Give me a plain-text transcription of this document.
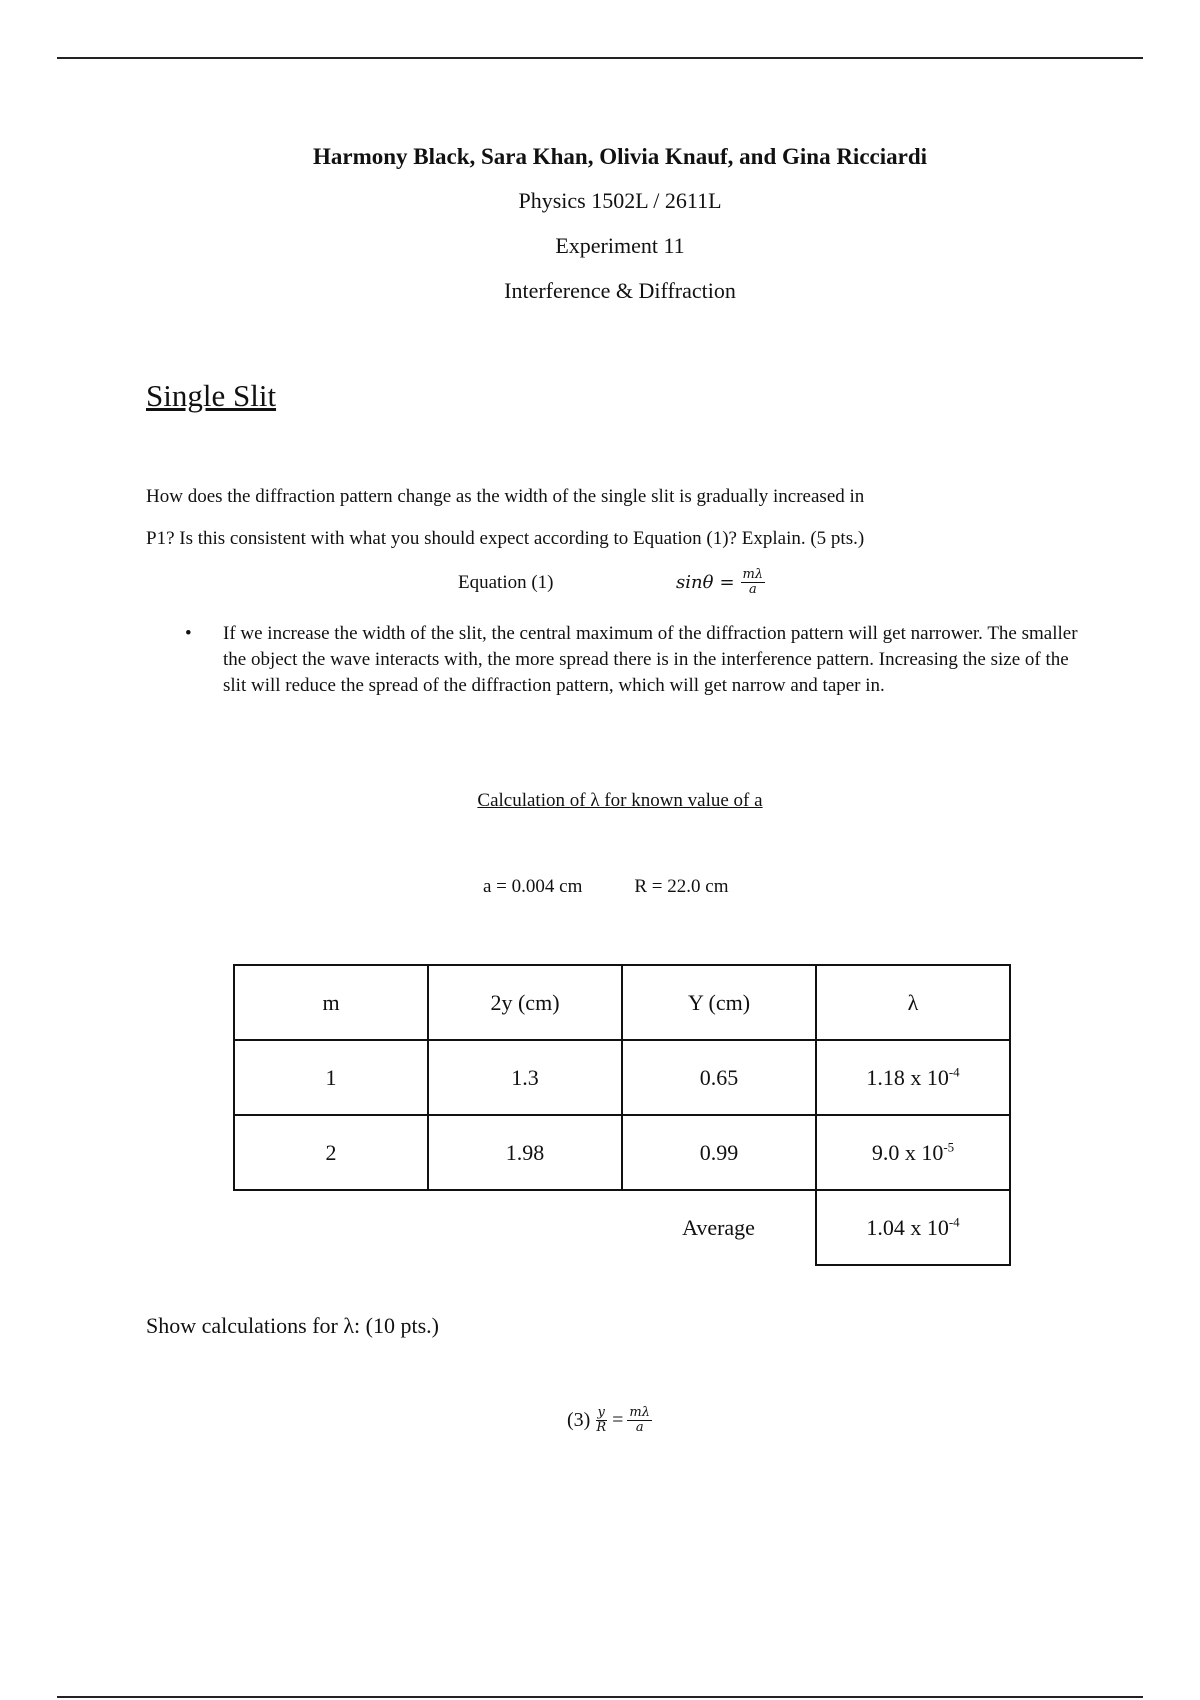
Harmony Black, Sara Khan, Olivia Knauf, and Gina Ricciardi
Physics 1502L / 2611L
Experiment 11
Interference & Diffraction
Single Slit
How does the diffraction pattern change as the width of the single slit is gradually increased in
P1? Is this consistent with what you should expect according to Equation (1)? Explain. (5 pts.)
Equation (1)	$\sin\theta = \frac{m\lambda}{a}$
• If we increase the width of the slit, the central maximum of the diffraction pattern will get narrower. The smaller the object the wave interacts with, the more spread there is in the interference pattern. Increasing the size of the slit will reduce the spread of the diffraction pattern, which will get narrow and taper in.
Calculation of λ for known value of a
a = 0.004 cm	R = 22.0 cm
m	2y (cm)	Y (cm)	λ
1	1.3	0.65	1.18 x $10^{-4}$
2	1.98	0.99	9.0 x $10^{-5}$
		Average	1.04 x $10^{-4}$
Show calculations for λ: (10 pts.)
$(3) \frac{y}{R} = \frac{m\lambda}{a}$
